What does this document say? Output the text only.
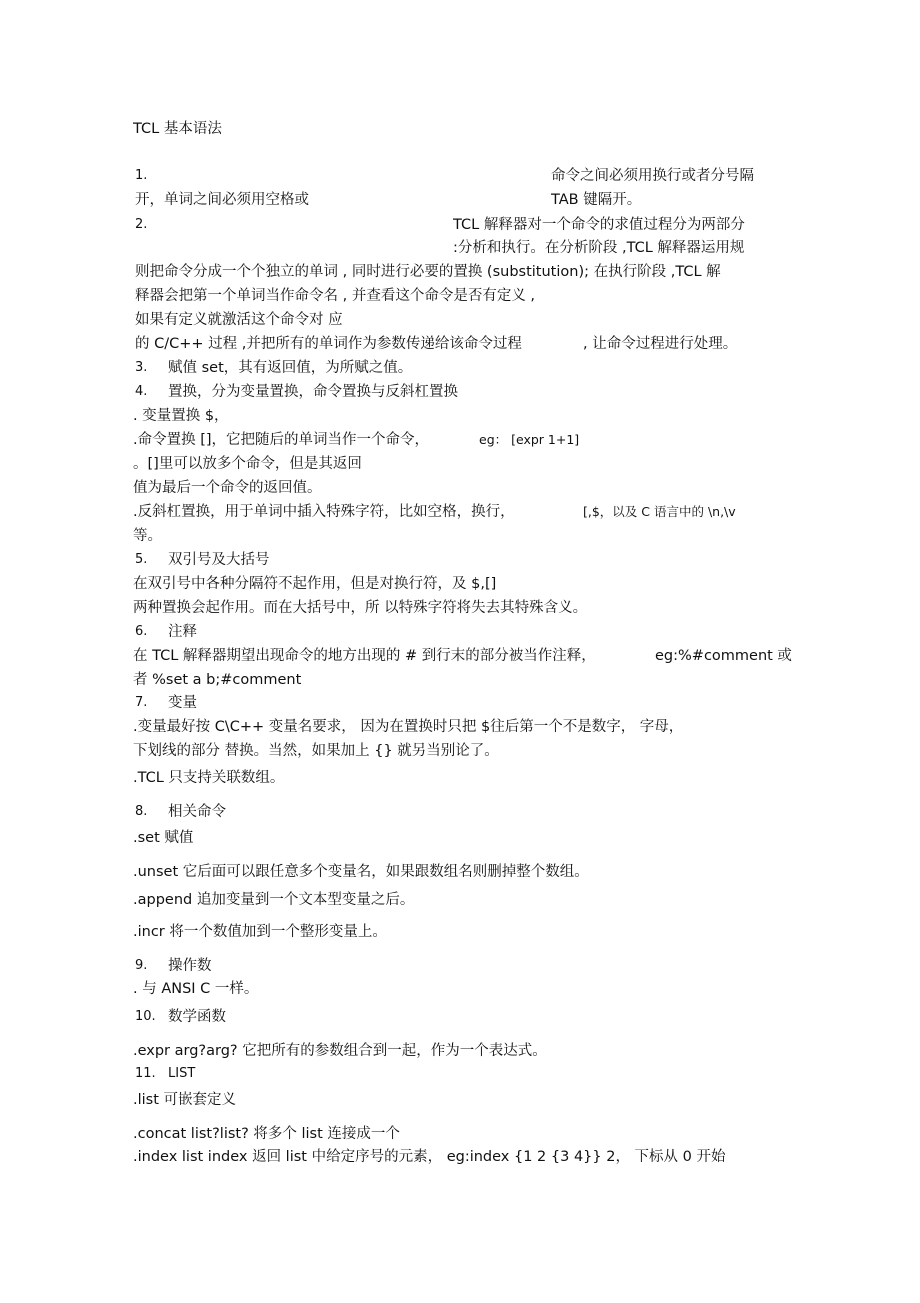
TCL 基本语法
1.	命令之间必须用换行或者分号隔
开，单词之间必须用空格或	TAB 键隔开。
2.	TCL 解释器对一个命令的求值过程分为两部分
:分析和执行。在分析阶段 ,TCL 解释器运用规
则把命令分成一个个独立的单词 , 同时进行必要的置换 (substitution); 在执行阶段 ,TCL 解
释器会把第一个单词当作命令名 , 并查看这个命令是否有定义 ,
如果有定义就激活这个命令对 应
的 C/C++ 过程 ,并把所有的单词作为参数传递给该命令过程	, 让命令过程进行处理。
3. 赋值 set，其有返回值，为所赋之值。
4. 置换，分为变量置换，命令置换与反斜杠置换
. 变量置换 $，
.命令置换 []，它把随后的单词当作一个命令，	eg： [expr 1+1]
。[]里可以放多个命令，但是其返回
值为最后一个命令的返回值。
.反斜杠置换，用于单词中插入特殊字符，比如空格，换行，	[,$，以及 C 语言中的 \n,\v
等。
5. 双引号及大括号
在双引号中各种分隔符不起作用，但是对换行符，及 $,[]
两种置换会起作用。而在大括号中，所 以特殊字符将失去其特殊含义。
6. 注释
在 TCL 解释器期望出现命令的地方出现的 # 到行末的部分被当作注释，	eg:%#comment 或
者 %set a b;#comment
7. 变量
.变量最好按 C\C++ 变量名要求， 因为在置换时只把 $往后第一个不是数字， 字母，
下划线的部分 替换。当然，如果加上 {} 就另当别论了。
.TCL 只支持关联数组。
8. 相关命令
.set 赋值
.unset 它后面可以跟任意多个变量名，如果跟数组名则删掉整个数组。
.append 追加变量到一个文本型变量之后。
.incr 将一个数值加到一个整形变量上。
9. 操作数
. 与 ANSI C 一样。
10. 数学函数
.expr arg?arg? 它把所有的参数组合到一起，作为一个表达式。
11. LIST
.list 可嵌套定义
.concat list?list? 将多个 list 连接成一个
.index list index 返回 list 中给定序号的元素， eg:index {1 2 {3 4}} 2， 下标从 0 开始
